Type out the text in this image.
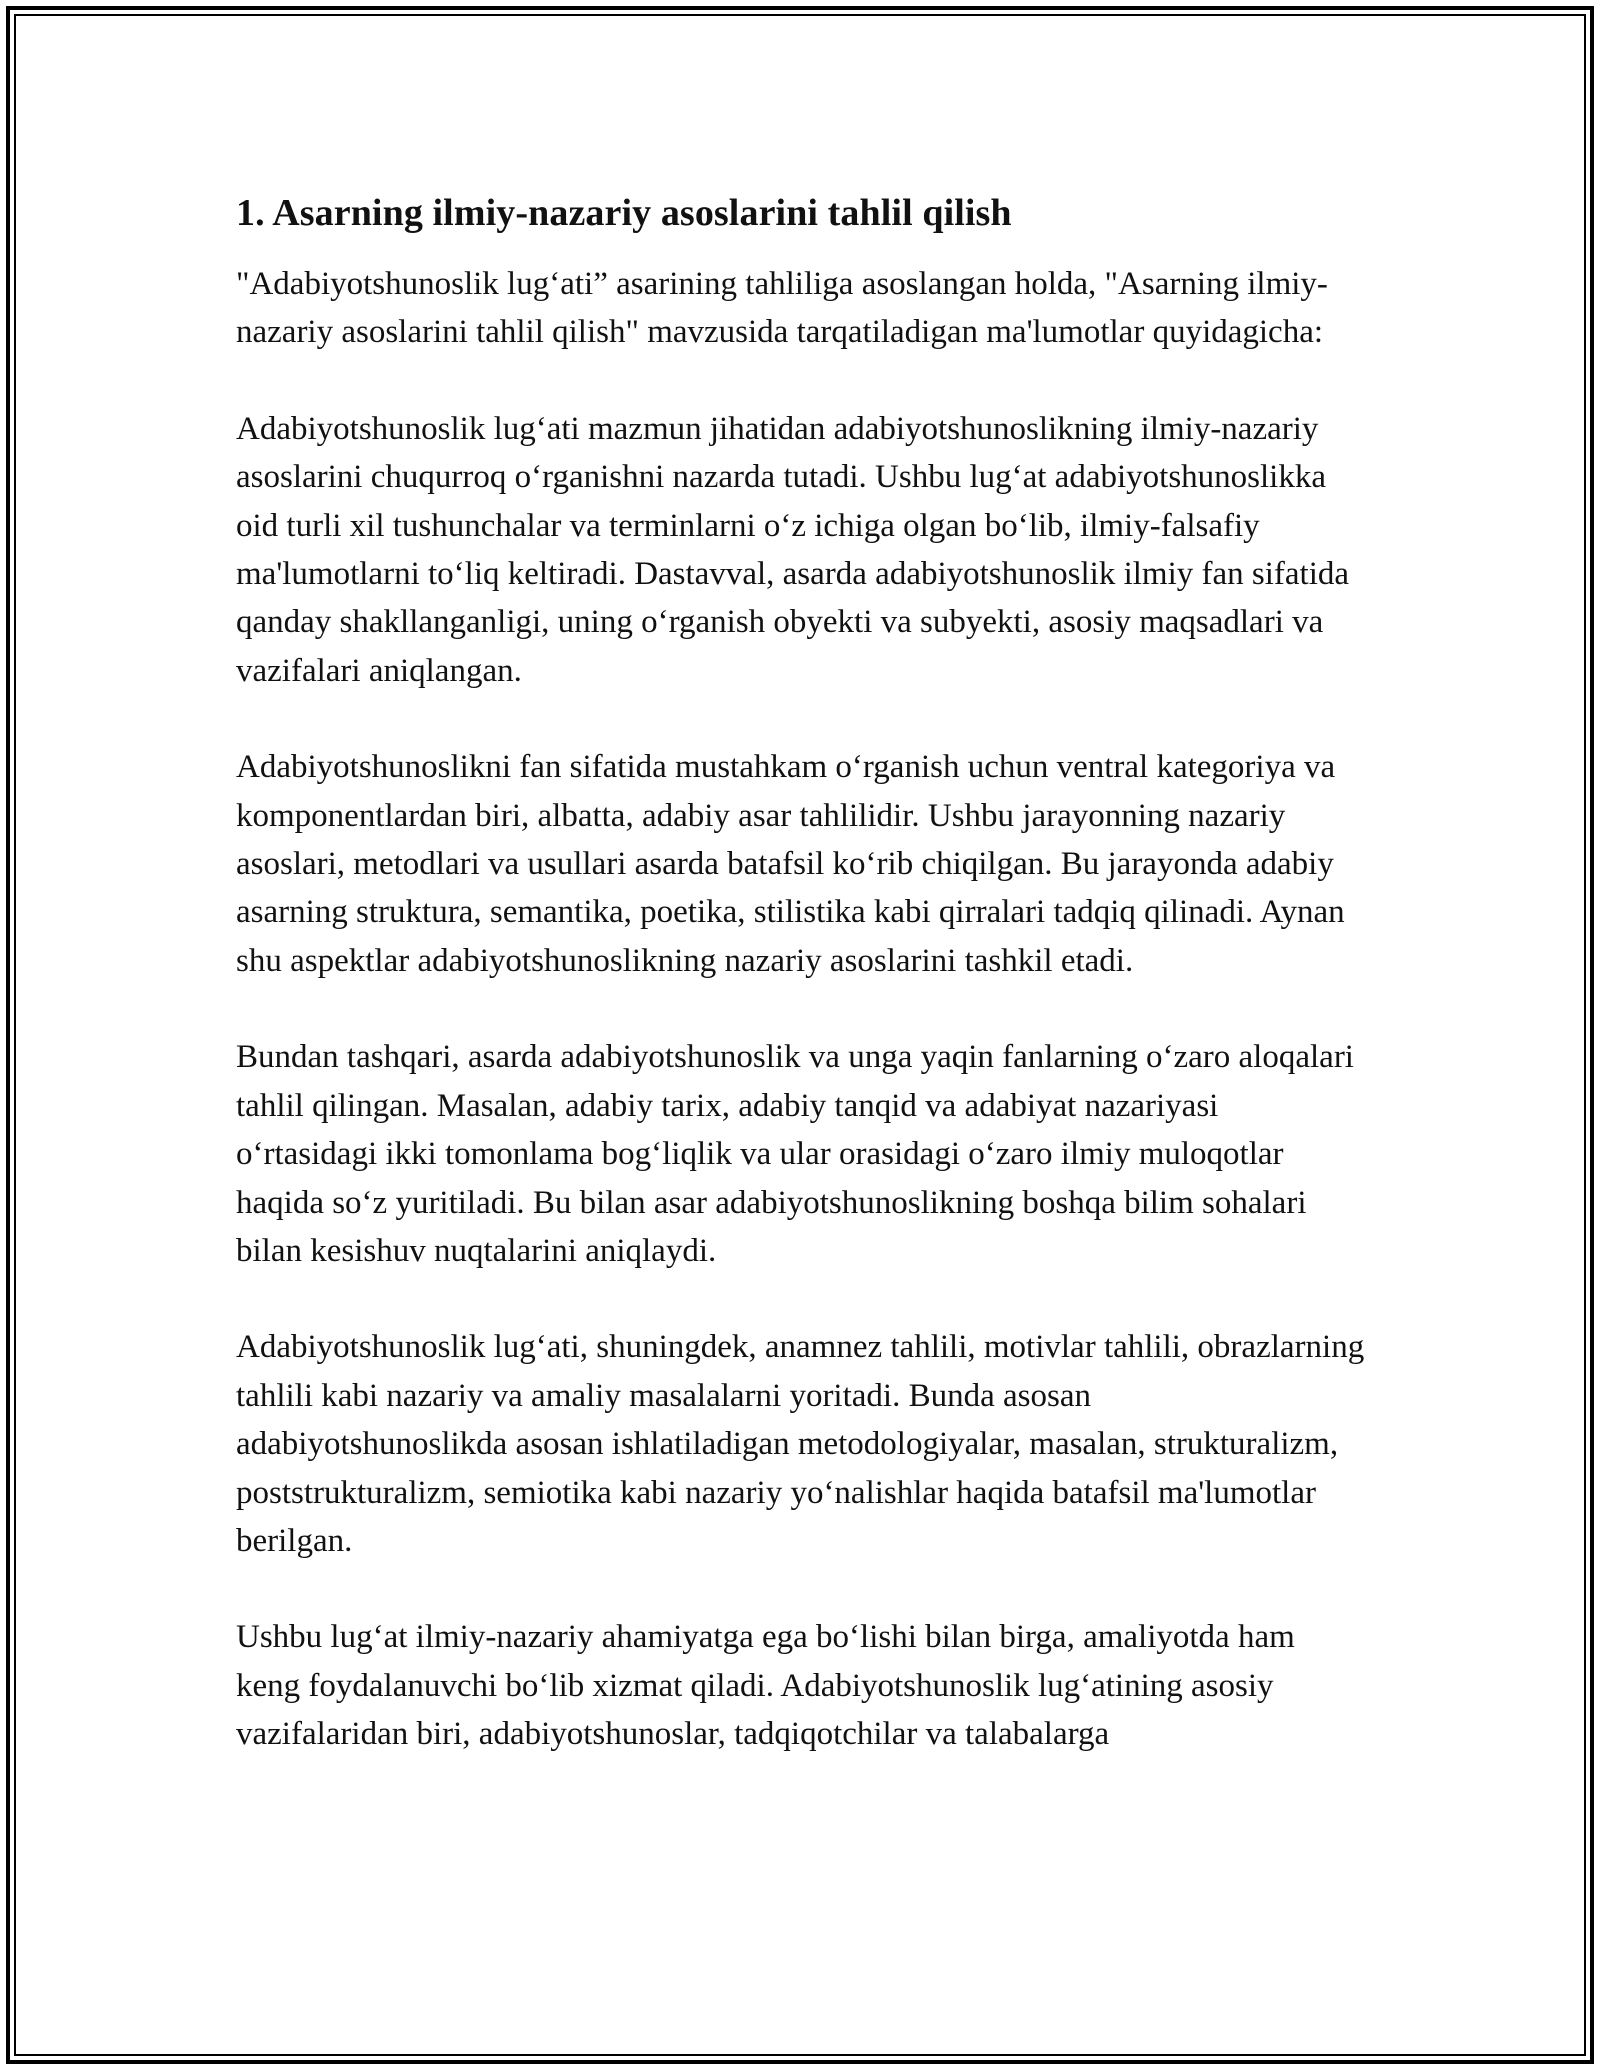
1. Asarning ilmiy-nazariy asoslarini tahlil qilish

"Adabiyotshunoslik lug‘ati” asarining tahliliga asoslangan holda, "Asarning ilmiy-nazariy asoslarini tahlil qilish" mavzusida tarqatiladigan ma'lumotlar quyidagicha:

Adabiyotshunoslik lug‘ati mazmun jihatidan adabiyotshunoslikning ilmiy-nazariy asoslarini chuqurroq o‘rganishni nazarda tutadi. Ushbu lug‘at adabiyotshunoslikka oid turli xil tushunchalar va terminlarni o‘z ichiga olgan bo‘lib, ilmiy-falsafiy ma'lumotlarni to‘liq keltiradi. Dastavval, asarda adabiyotshunoslik ilmiy fan sifatida qanday shakllanganligi, uning o‘rganish obyekti va subyekti, asosiy maqsadlari va vazifalari aniqlangan.

Adabiyotshunoslikni fan sifatida mustahkam o‘rganish uchun ventral kategoriya va komponentlardan biri, albatta, adabiy asar tahlilidir. Ushbu jarayonning nazariy asoslari, metodlari va usullari asarda batafsil ko‘rib chiqilgan. Bu jarayonda adabiy asarning struktura, semantika, poetika, stilistika kabi qirralari tadqiq qilinadi. Aynan shu aspektlar adabiyotshunoslikning nazariy asoslarini tashkil etadi.

Bundan tashqari, asarda adabiyotshunoslik va unga yaqin fanlarning o‘zaro aloqalari tahlil qilingan. Masalan, adabiy tarix, adabiy tanqid va adabiyat nazariyasi o‘rtasidagi ikki tomonlama bog‘liqlik va ular orasidagi o‘zaro ilmiy muloqotlar haqida so‘z yuritiladi. Bu bilan asar adabiyotshunoslikning boshqa bilim sohalari bilan kesishuv nuqtalarini aniqlaydi.

Adabiyotshunoslik lug‘ati, shuningdek, anamnez tahlili, motivlar tahlili, obrazlarning tahlili kabi nazariy va amaliy masalalarni yoritadi. Bunda asosan adabiyotshunoslikda asosan ishlatiladigan metodologiyalar, masalan, strukturalizm, poststrukturalizm, semiotika kabi nazariy yo‘nalishlar haqida batafsil ma'lumotlar berilgan.

Ushbu lug‘at ilmiy-nazariy ahamiyatga ega bo‘lishi bilan birga, amaliyotda ham keng foydalanuvchi bo‘lib xizmat qiladi. Adabiyotshunoslik lug‘atining asosiy vazifalaridan biri, adabiyotshunoslar, tadqiqotchilar va talabalarga
